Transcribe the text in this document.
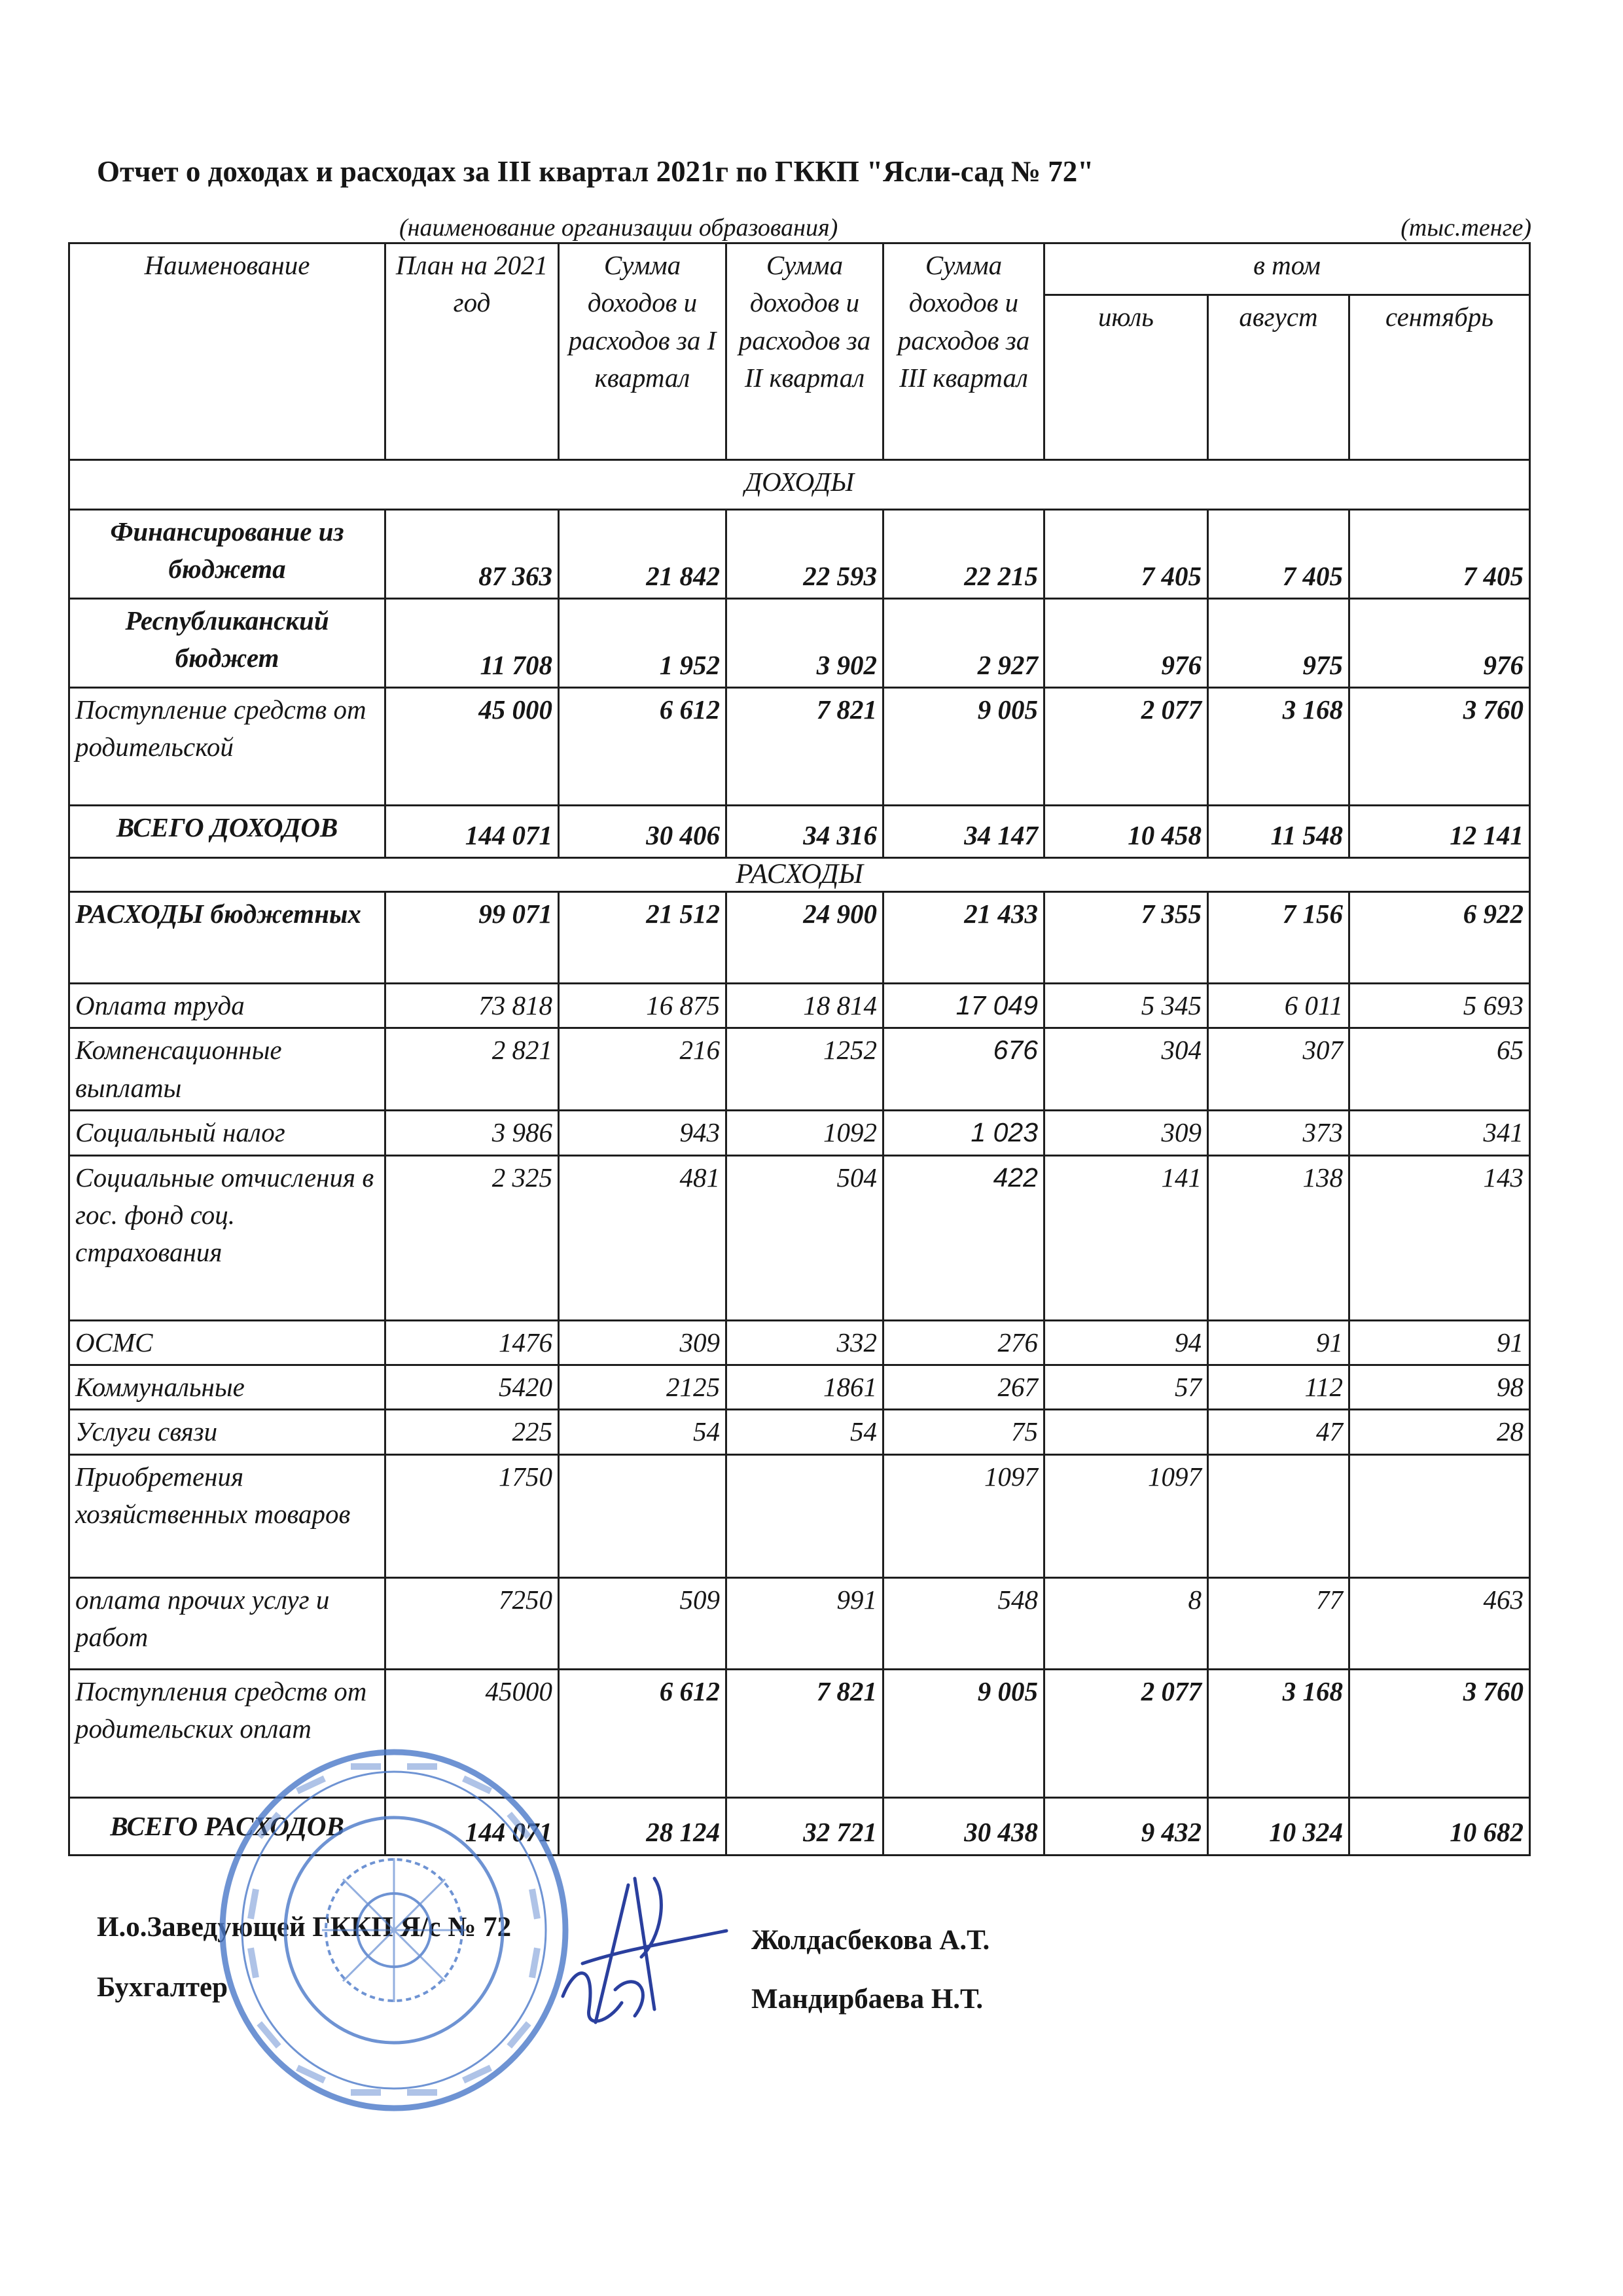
Отчет о доходах и расходах за III квартал 2021г по ГККП "Ясли-сад № 72"
(наименование организации образования)	(тыс.тенге)
Наименование	План на 2021 год	Сумма доходов и расходов за I квартал	Сумма доходов и расходов за II квартал	Сумма доходов и расходов за III квартал	в том		
					июль	август	сентябрь
ДОХОДЫ							
Финансирование из бюджета	87 363	21 842	22 593	22 215	7 405	7 405	7 405
Республиканский бюджет	11 708	1 952	3 902	2 927	976	975	976
Поступление средств от родительской	45 000	6 612	7 821	9 005	2 077	3 168	3 760
ВСЕГО ДОХОДОВ	144 071	30 406	34 316	34 147	10 458	11 548	12 141
РАСХОДЫ							
РАСХОДЫ бюджетных	99 071	21 512	24 900	21 433	7 355	7 156	6 922
Оплата труда	73 818	16 875	18 814	17 049	5 345	6 011	5 693
Компенсационные выплаты	2 821	216	1252	676	304	307	65
Социальный налог	3 986	943	1092	1 023	309	373	341
Социальные отчисления в гос. фонд соц. страхования	2 325	481	504	422	141	138	143
ОСМС	1476	309	332	276	94	91	91
Коммунальные	5420	2125	1861	267	57	112	98
Услуги связи	225	54	54	75		47	28
Приобретения хозяйственных товаров	1750			1097	1097		
оплата прочих услуг и работ	7250	509	991	548	8	77	463
Поступления средств от родительских оплат	45000	6 612	7 821	9 005	2 077	3 168	3 760
ВСЕГО РАСХОДОВ	144 071	28 124	32 721	30 438	9 432	10 324	10 682
И.о.Заведующей ГККП Я/с № 72	Жолдасбекова А.Т.
Бухгалтер	Мандирбаева Н.Т.
